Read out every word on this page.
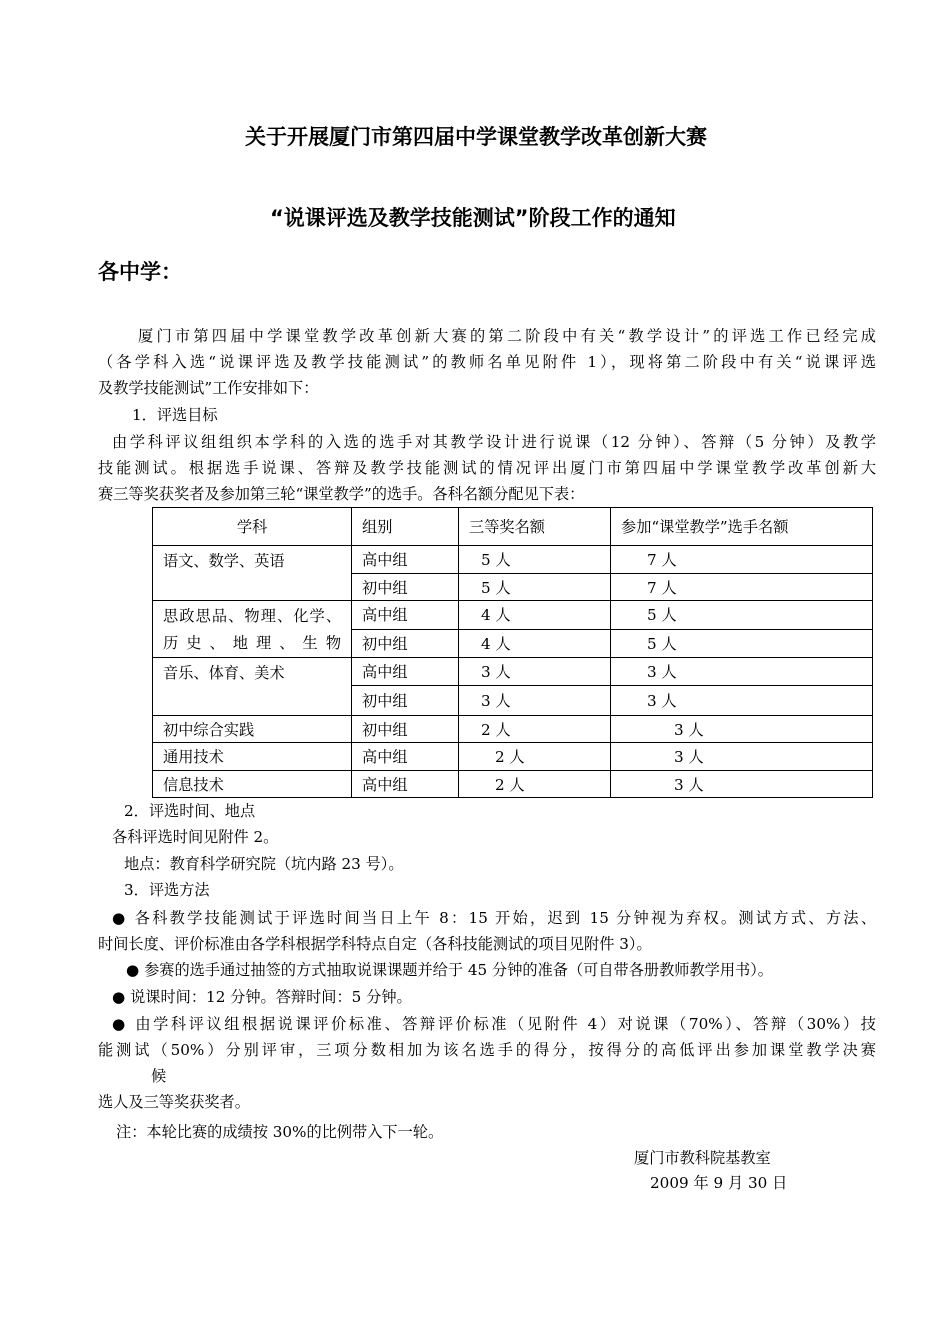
关于开展厦门市第四届中学课堂教学改革创新大赛
“说课评选及教学技能测试”阶段工作的通知
各中学：
厦门市第四届中学课堂教学改革创新大赛的第二阶段中有关“教学设计”的评选工作已经完成
（各学科入选“说课评选及教学技能测试”的教师名单见附件 1），现将第二阶段中有关“说课评选
及教学技能测试”工作安排如下：
1．评选目标
由学科评议组组织本学科的入选的选手对其教学设计进行说课（12 分钟）、答辩（5 分钟）及教学
技能测试。根据选手说课、答辩及教学技能测试的情况评出厦门市第四届中学课堂教学改革创新大
赛三等奖获奖者及参加第三轮“课堂教学”的选手。各科名额分配见下表：
学科	组别	三等奖名额	参加“课堂教学”选手名额
语文、数学、英语	高中组	5 人	7 人
	初中组	5 人	7 人
思政思品、物理、化学、历史、地理、生物	高中组	4 人	5 人
	初中组	4 人	5 人
音乐、体育、美术	高中组	3 人	3 人
	初中组	3 人	3 人
初中综合实践	初中组	2 人	3 人
通用技术	高中组	2 人	3 人
信息技术	高中组	2 人	3 人
2．评选时间、地点
各科评选时间见附件 2。
地点：教育科学研究院（坑内路 23 号）。
3．评选方法
● 各科教学技能测试于评选时间当日上午 8：15 开始，迟到 15 分钟视为弃权。测试方式、方法、
时间长度、评价标准由各学科根据学科特点自定（各科技能测试的项目见附件 3）。
● 参赛的选手通过抽签的方式抽取说课课题并给于 45 分钟的准备（可自带各册教师教学用书）。
● 说课时间：12 分钟。答辩时间：5 分钟。
● 由学科评议组根据说课评价标准、答辩评价标准（见附件 4）对说课（70%）、答辩（30%）技
能测试（50%）分别评审，三项分数相加为该名选手的得分，按得分的高低评出参加课堂教学决赛
候
选人及三等奖获奖者。
注：本轮比赛的成绩按 30%的比例带入下一轮。
厦门市教科院基教室
2009 年 9 月 30 日
